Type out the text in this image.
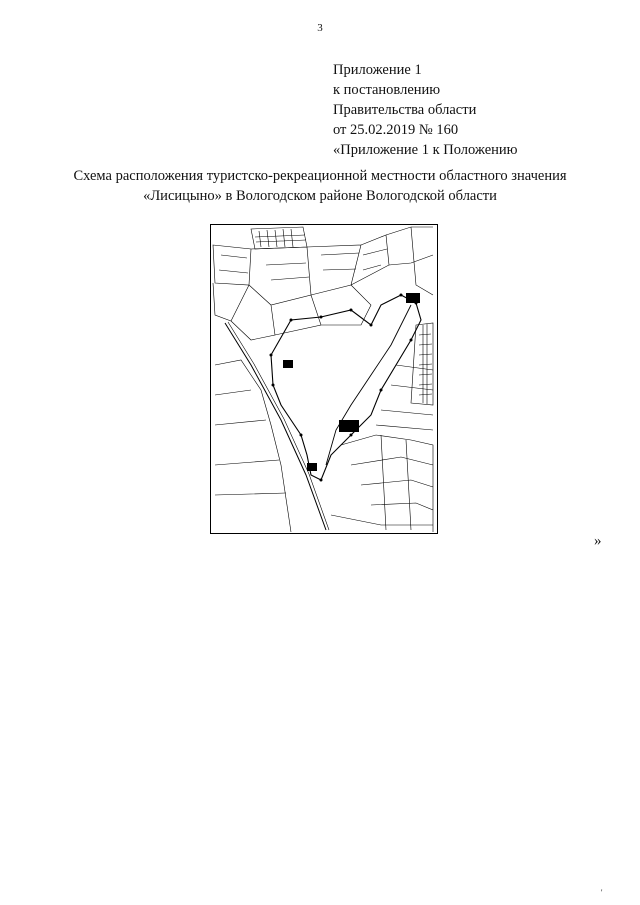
3
Приложение 1
к постановлению
Правительства области
от 25.02.2019 № 160
«Приложение 1 к Положению
Схема расположения туристско-рекреационной местности областного значения
«Лисицыно» в Вологодском районе Вологодской области
»
'
